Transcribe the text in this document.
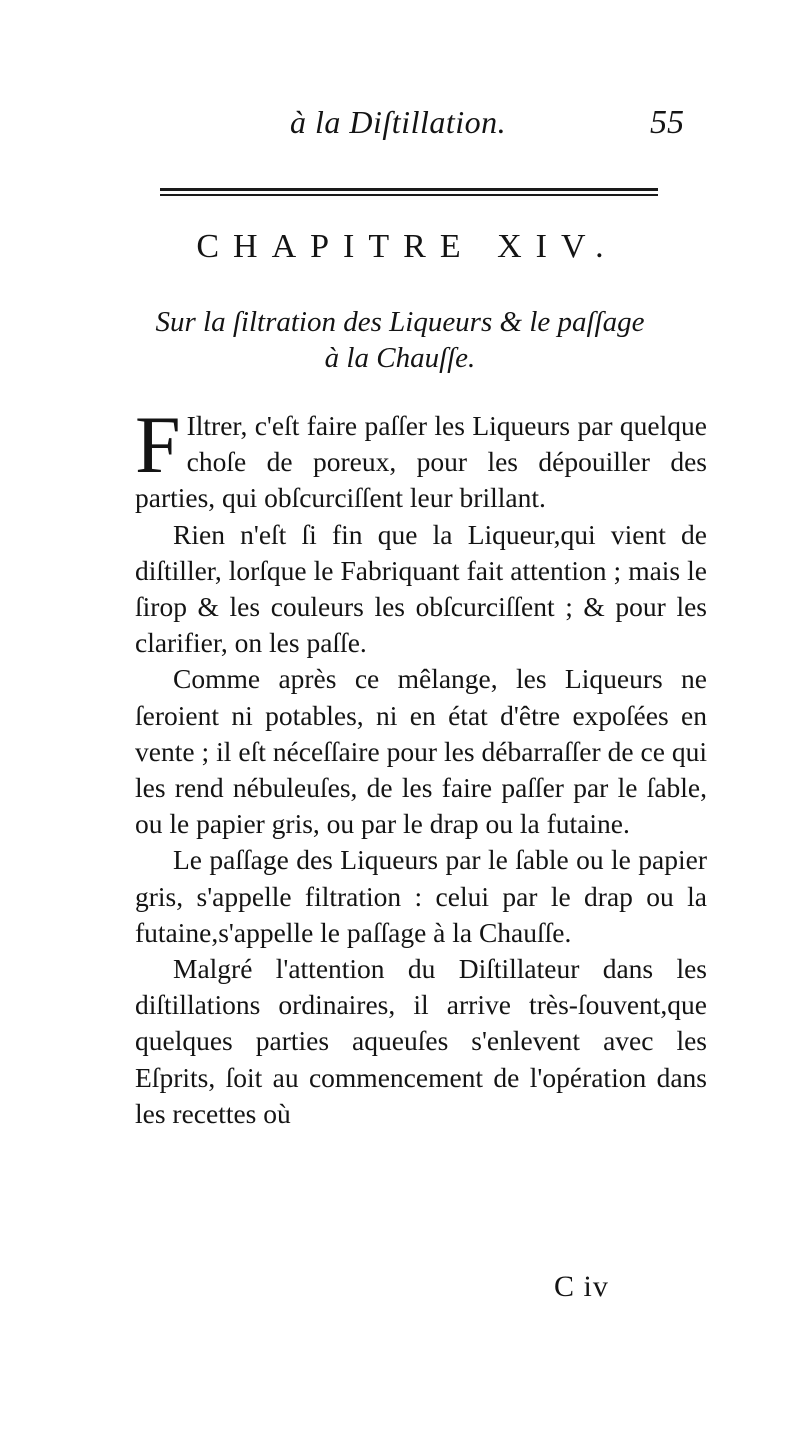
à la Diſtillation.	55
CHAPITRE XIV.
Sur la ſiltration des Liqueurs & le paſſage
à la Chauſſe.

F Iltrer, c'eſt faire paſſer les Liqueurs par quelque choſe de poreux, pour les dépouiller des parties, qui obſcurciſſent leur brillant.

Rien n'eſt ſi fin que la Liqueur,qui vient de diſtiller, lorſque le Fabriquant fait attention ; mais le ſirop & les couleurs les obſcurciſſent ; & pour les clarifier, on les paſſe.

Comme après ce mêlange, les Liqueurs ne ſeroient ni potables, ni en état d'être expoſées en vente ; il eſt néceſſaire pour les débarraſſer de ce qui les rend nébuleuſes, de les faire paſſer par le ſable, ou le papier gris, ou par le drap ou la futaine.

Le paſſage des Liqueurs par le ſable ou le papier gris, s'appelle filtration : celui par le drap ou la futaine,s'appelle le paſſage à la Chauſſe.

Malgré l'attention du Diſtillateur dans les diſtillations ordinaires, il arrive très-ſouvent,que quelques parties aqueuſes s'enlevent avec les Eſprits, ſoit au commencement de l'opération dans les recettes où

C iv
